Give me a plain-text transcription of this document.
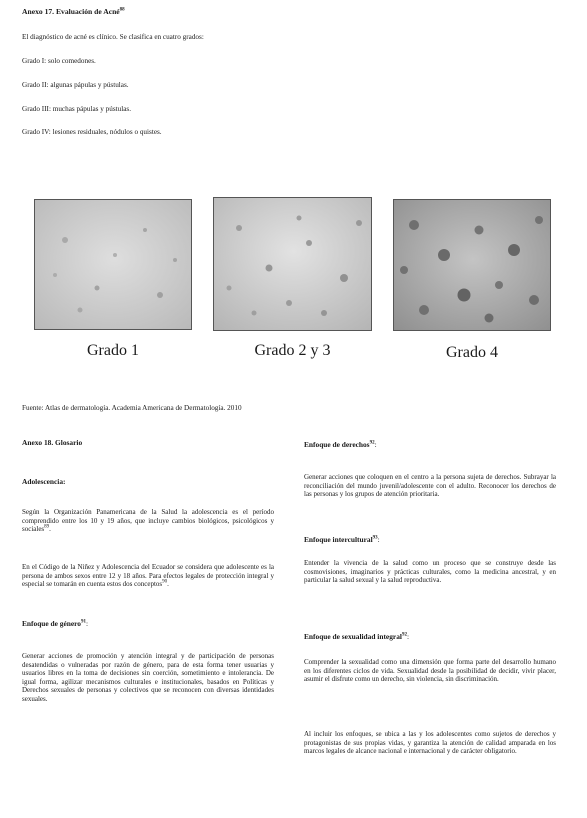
Anexo 17. Evaluación de Acné$^{88}$
El diagnóstico de acné es clínico. Se clasifica en cuatro grados:
Grado I: solo comedones.
Grado II: algunas pápulas y pústulas.
Grado III: muchas pápulas y pústulas.
Grado IV: lesiones residuales, nódulos o quistes.
Grado 1	Grado 2 y 3	Grado 4
Fuente: Atlas de dermatología. Academia Americana de Dermatología. 2010
Anexo 18. Glosario
Adolescencia:
Según la Organización Panamericana de la Salud la adolescencia es el período comprendido entre los 10 y 19 años, que incluye cambios biológicos, psicológicos y sociales$^{89}$.
En el Código de la Niñez y Adolescencia del Ecuador se considera que adolescente es la persona de ambos sexos entre 12 y 18 años. Para efectos legales de protección integral y especial se tomarán en cuenta estos dos conceptos$^{90}$.
Enfoque de género$^{91}$:
Generar acciones de promoción y atención integral y de participación de personas desatendidas o vulneradas por razón de género, para de esta forma tener usuarias y usuarios libres en la toma de decisiones sin coerción, sometimiento e intolerancia. De igual forma, agilizar mecanismos culturales e institucionales, basados en Políticas y Derechos sexuales de personas y colectivos que se reconocen con diversas identidades sexuales.
Enfoque de derechos$^{92}$:
Generar acciones que coloquen en el centro a la persona sujeta de derechos. Subrayar la reconciliación del mundo juvenil/adolescente con el adulto. Reconocer los derechos de las personas y los grupos de atención prioritaria.
Enfoque intercultural$^{93}$:
Entender la vivencia de la salud como un proceso que se construye desde las cosmovisiones, imaginarios y prácticas culturales, como la medicina ancestral, y en particular la salud sexual y la salud reproductiva.
Enfoque de sexualidad integral$^{92}$:
Comprender la sexualidad como una dimensión que forma parte del desarrollo humano en los diferentes ciclos de vida. Sexualidad desde la posibilidad de decidir, vivir placer, asumir el disfrute como un derecho, sin violencia, sin discriminación.
Al incluir los enfoques, se ubica a las y los adolescentes como sujetos de derechos y protagonistas de sus propias vidas, y garantiza la atención de calidad amparada en los marcos legales de alcance nacional e internacional y de carácter obligatorio.
